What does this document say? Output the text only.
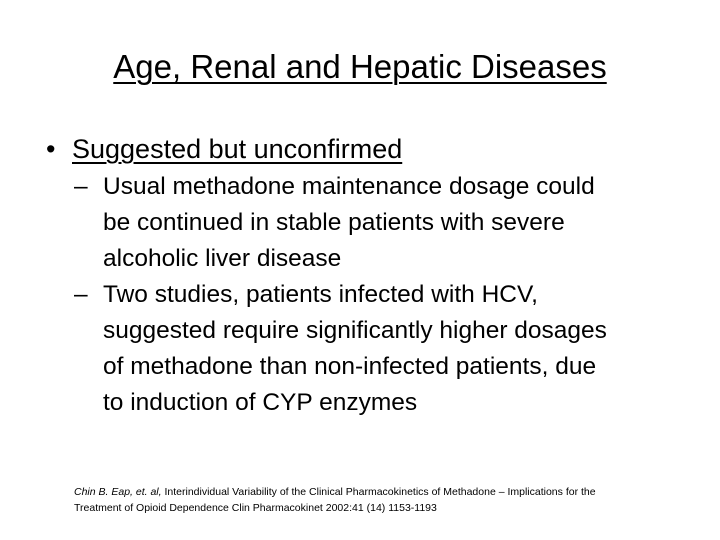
Age, Renal and Hepatic Diseases
• Suggested but unconfirmed
– Usual methadone maintenance dosage could
be continued in stable patients with severe
alcoholic liver disease
– Two studies, patients infected with HCV,
suggested require significantly higher dosages
of methadone than non-infected patients, due
to induction of CYP enzymes
Chin B. Eap, et. al, Interindividual Variability of the Clinical Pharmacokinetics of Methadone – Implications for the
Treatment of Opioid Dependence Clin Pharmacokinet 2002:41 (14) 1153-1193
